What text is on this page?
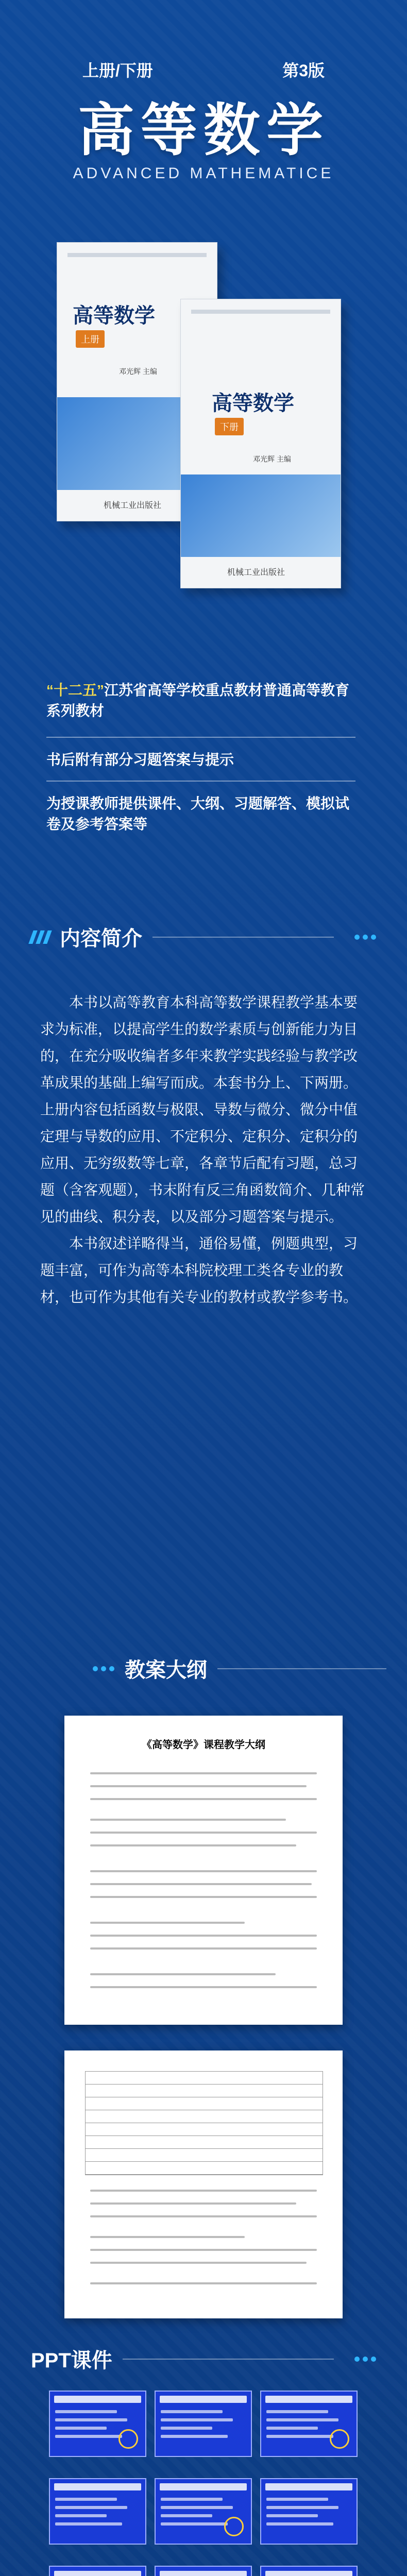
上册/下册	第3版
高等数学
ADVANCED MATHEMATICE
高等数学
上册
邓光辉 主编
机械工业出版社
高等数学
下册
邓光辉 主编
机械工业出版社
“十二五”江苏省高等学校重点教材普通高等教育系列教材
书后附有部分习题答案与提示
为授课教师提供课件、大纲、习题解答、模拟试卷及参考答案等
内容简介

本书以高等教育本科高等数学课程教学基本要求为标准，以提高学生的数学素质与创新能力为目的，在充分吸收编者多年来教学实践经验与教学改革成果的基础上编写而成。本套书分上、下两册。上册内容包括函数与极限、导数与微分、微分中值定理与导数的应用、不定积分、定积分、定积分的应用、无穷级数等七章，各章节后配有习题，总习题（含客观题），书末附有反三角函数简介、几种常见的曲线、积分表，以及部分习题答案与提示。

本书叙述详略得当，通俗易懂，例题典型，习题丰富，可作为高等本科院校理工类各专业的教材，也可作为其他有关专业的教材或教学参考书。

教案大纲
《高等数学》课程教学大纲
PPT课件
